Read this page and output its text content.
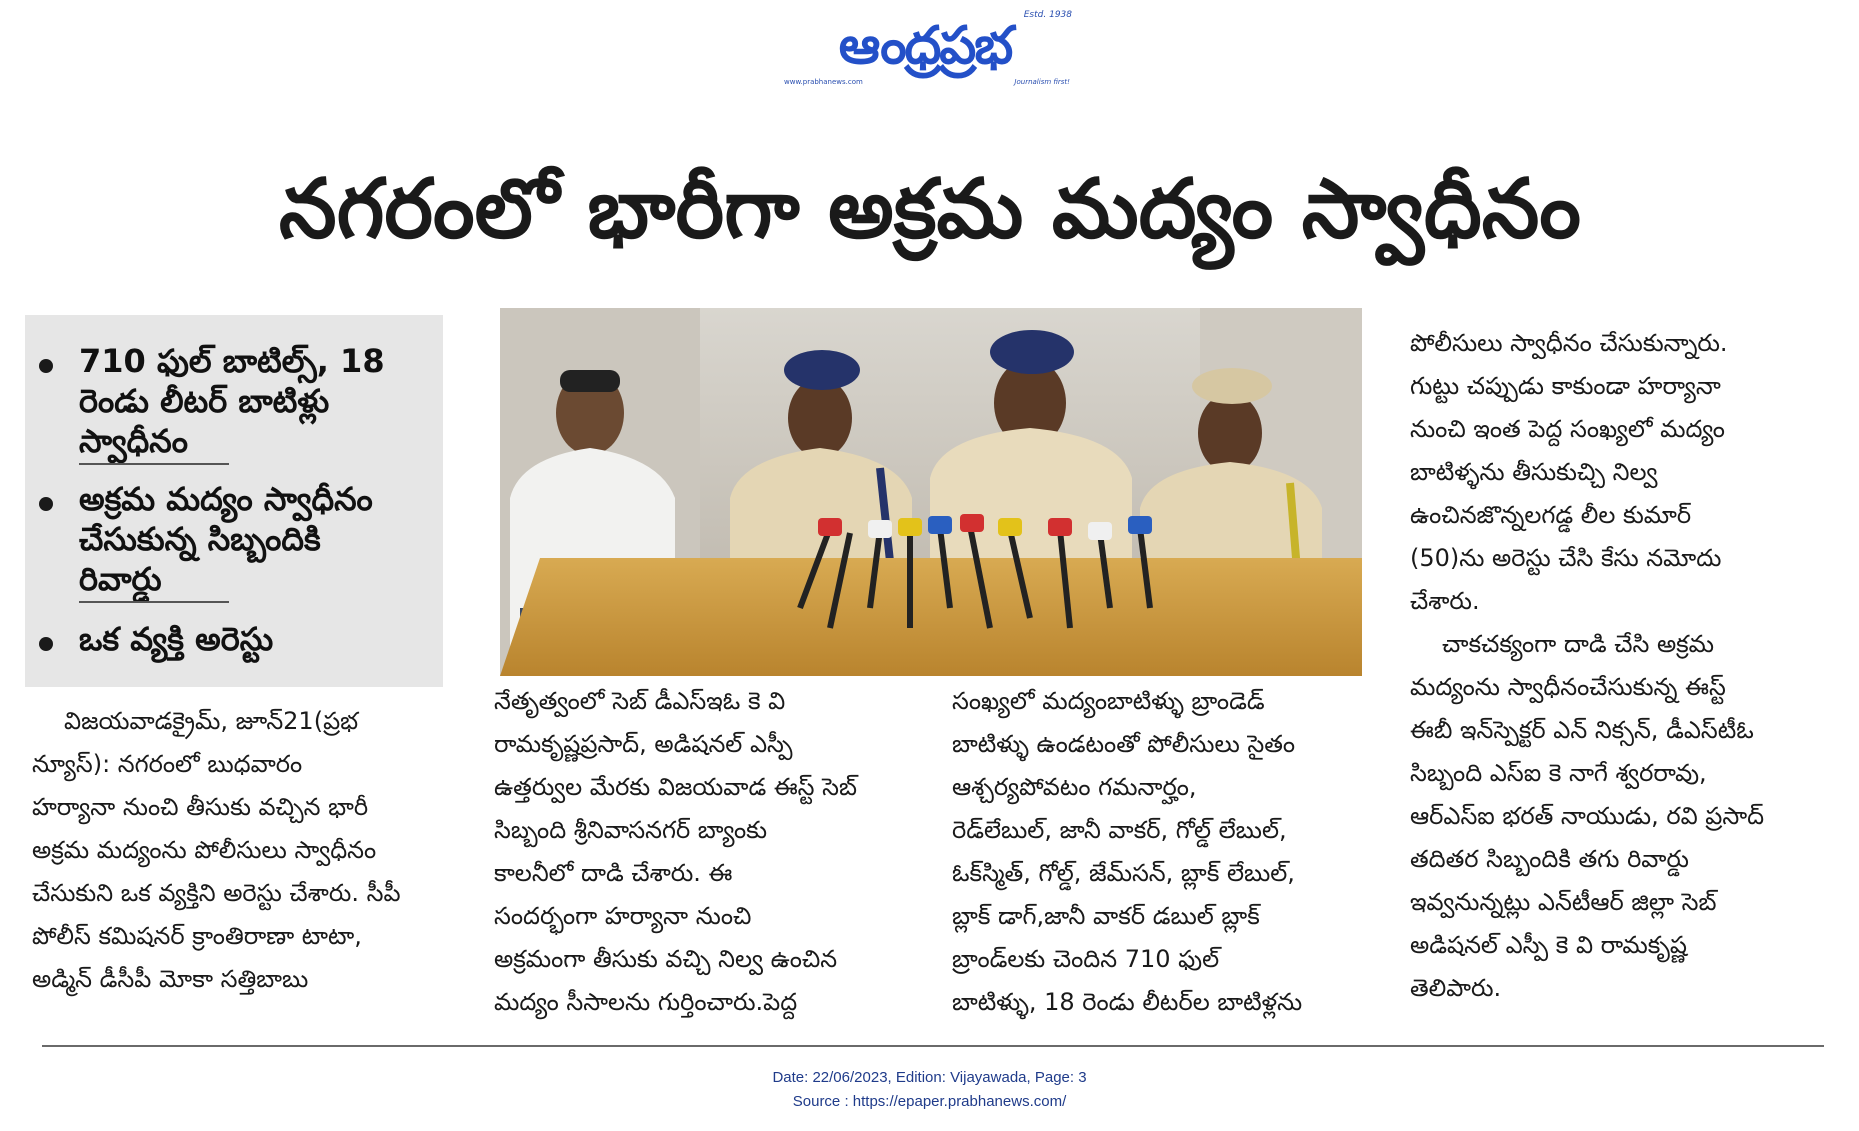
Estd. 1938
ఆంధ్రప్రభ
www.prabhanews.com	Journalism first!
నగరంలో భారీగా అక్రమ మద్యం స్వాధీనం
710 ఫుల్ బాటిల్స్, 18
రెండు లీటర్ బాటిళ్లు
స్వాధీనం
అక్రమ మద్యం స్వాధీనం
చేసుకున్న సిబ్బందికి
రివార్డు
ఒక వ్యక్తి అరెస్టు

విజయవాడక్రైమ్, జూన్21(ప్రభ

న్యూస్): నగరంలో బుధవారం

హర్యానా నుంచి తీసుకు వచ్చిన భారీ

అక్రమ మద్యంను పోలీసులు స్వాధీనం

చేసుకుని ఒక వ్యక్తిని అరెస్టు చేశారు. సీపీ

పోలీస్ కమిషనర్ క్రాంతిరాణా టాటా,

అడ్మిన్ డీసీపీ మోకా సత్తిబాబు

నేతృత్వంలో సెబ్ డీఎస్ఇఓ కె వి

రామకృష్ణప్రసాద్, అడిషనల్ ఎస్పీ

ఉత్తర్వుల మేరకు విజయవాడ ఈస్ట్ సెబ్

సిబ్బంది శ్రీనివాసనగర్ బ్యాంకు

కాలనీలో దాడి చేశారు. ఈ

సందర్భంగా హర్యానా నుంచి

అక్రమంగా తీసుకు వచ్చి నిల్వ ఉంచిన

మద్యం సీసాలను గుర్తించారు.పెద్ద

సంఖ్యలో మద్యంబాటిళ్ళు బ్రాండెడ్

బాటిళ్ళు ఉండటంతో పోలీసులు సైతం

ఆశ్చర్యపోవటం గమనార్హం,

రెడ్‌లేబుల్, జానీ వాకర్, గోల్డ్ లేబుల్,

ఓక్‌స్మిత్, గోల్డ్, జేమ్‌సన్, బ్లాక్ లేబుల్,

బ్లాక్ డాగ్,జానీ వాకర్ డబుల్ బ్లాక్

బ్రాండ్‌లకు చెందిన 710 ఫుల్

బాటిళ్ళు, 18 రెండు లీటర్‌ల బాటిళ్లను

పోలీసులు స్వాధీనం చేసుకున్నారు.

గుట్టు చప్పుడు కాకుండా హర్యానా

నుంచి ఇంత పెద్ద సంఖ్యలో మద్యం

బాటిళ్ళను తీసుకుచ్చి నిల్వ

ఉంచినజొన్నలగడ్డ లీల కుమార్

(50)ను అరెస్టు చేసి కేసు నమోదు

చేశారు.

చాకచక్యంగా దాడి చేసి అక్రమ

మద్యంను స్వాధీనంచేసుకున్న ఈస్ట్

ఈబీ ఇన్‌స్పెక్టర్ ఎన్ నిక్సన్, డీఎస్‌టీఓ

సిబ్బంది ఎస్ఐ కె నాగే శ్వరరావు,

ఆర్ఎస్ఐ భరత్ నాయుడు, రవి ప్రసాద్

తదితర సిబ్బందికి తగు రివార్డు

ఇవ్వనున్నట్లు ఎన్‌టీఆర్ జిల్లా సెబ్

అడిషనల్ ఎస్పీ కె వి రామకృష్ణ

తెలిపారు.

Date: 22/06/2023, Edition: Vijayawada, Page: 3
Source : https://epaper.prabhanews.com/
